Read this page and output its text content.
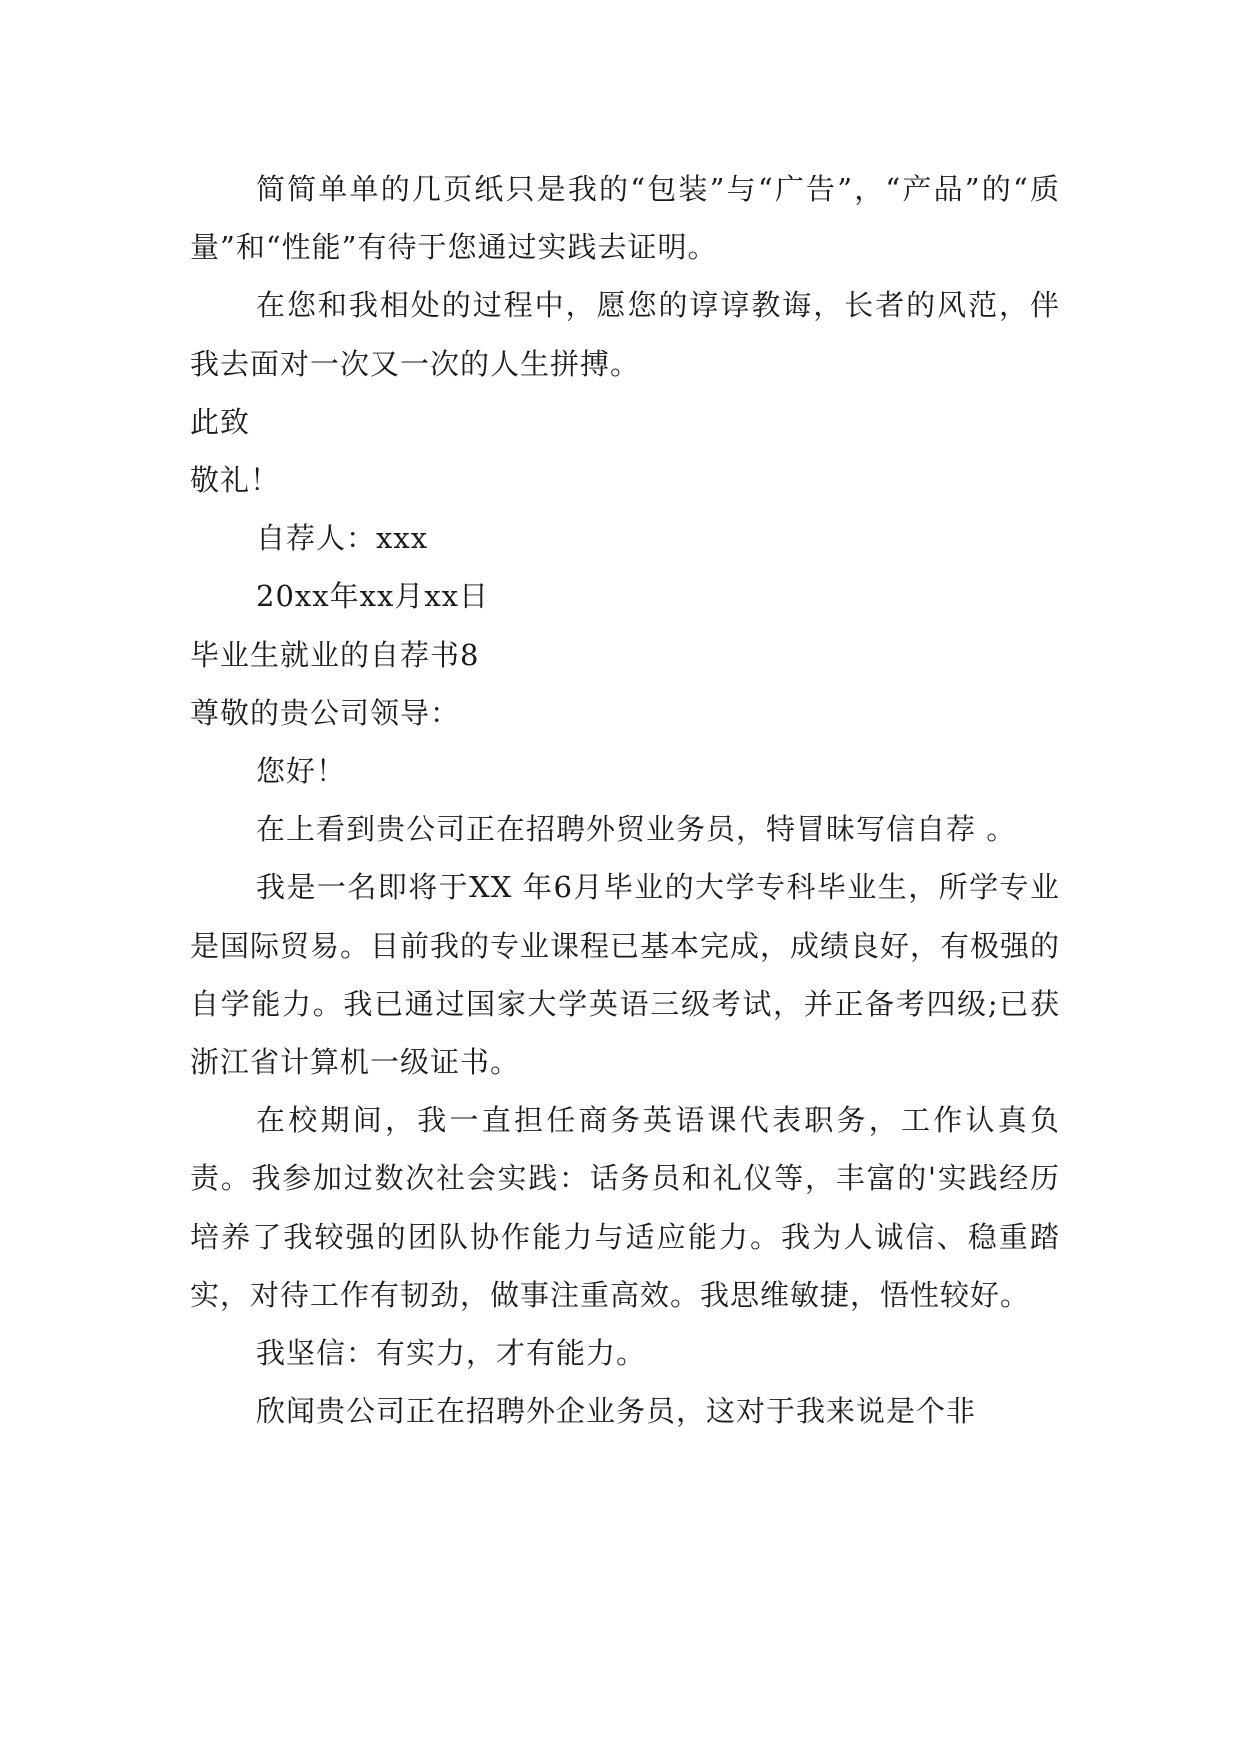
简简单单的几页纸只是我的“包装”与“广告”，“产品”的“质量”和“性能”有待于您通过实践去证明。

在您和我相处的过程中，愿您的谆谆教诲，长者的风范，伴我去面对一次又一次的人生拼搏。

此致

敬礼！

自荐人：xxx

20xx年xx月xx日

毕业生就业的自荐书8

尊敬的贵公司领导：

您好！

在上看到贵公司正在招聘外贸业务员，特冒昧写信自荐 。

我是一名即将于XX 年6月毕业的大学专科毕业生，所学专业是国际贸易。目前我的专业课程已基本完成，成绩良好，有极强的自学能力。我已通过国家大学英语三级考试，并正备考四级;已获浙江省计算机一级证书。

在校期间，我一直担任商务英语课代表职务，工作认真负责。我参加过数次社会实践：话务员和礼仪等，丰富的'实践经历培养了我较强的团队协作能力与适应能力。我为人诚信、稳重踏实，对待工作有韧劲，做事注重高效。我思维敏捷，悟性较好。

我坚信：有实力，才有能力。

欣闻贵公司正在招聘外企业务员，这对于我来说是个非
